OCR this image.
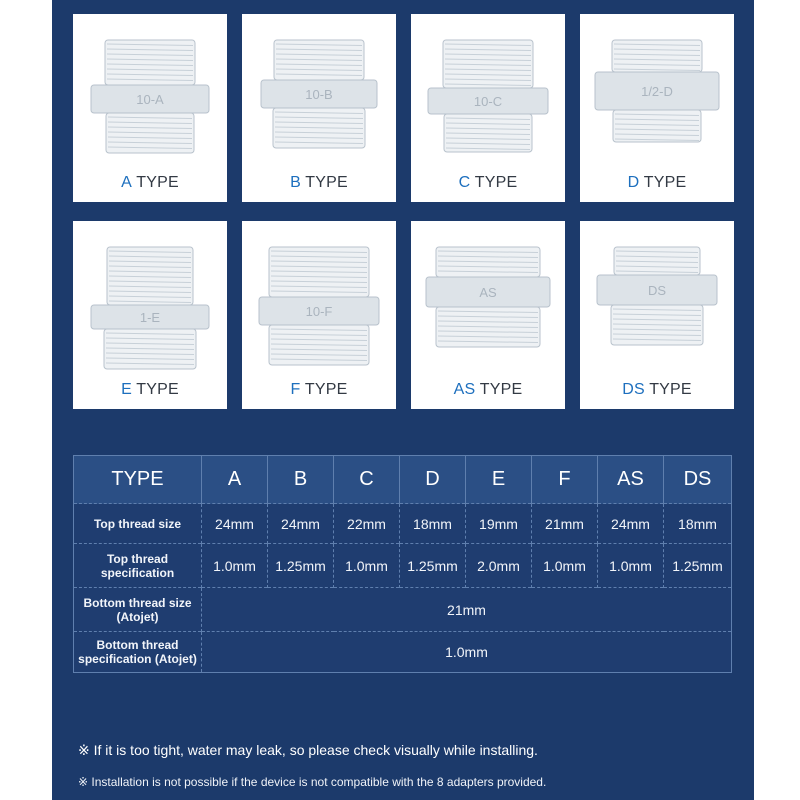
10-A
A TYPE
10-B
B TYPE
10-C
C TYPE
1/2-D
D TYPE
1-E
E TYPE
10-F
F TYPE
AS
AS TYPE
DS
DS TYPE
TYPE	A	B	C	D	E	F	AS	DS
Top thread size	24mm	24mm	22mm	18mm	19mm	21mm	24mm	18mm
Top thread specification	1.0mm	1.25mm	1.0mm	1.25mm	2.0mm	1.0mm	1.0mm	1.25mm
Bottom thread size (Atojet)	21mm							
Bottom thread specification (Atojet)	1.0mm							
※ If it is too tight, water may leak, so please check visually while installing.
※ Installation is not possible if the device is not compatible with the 8 adapters provided.
